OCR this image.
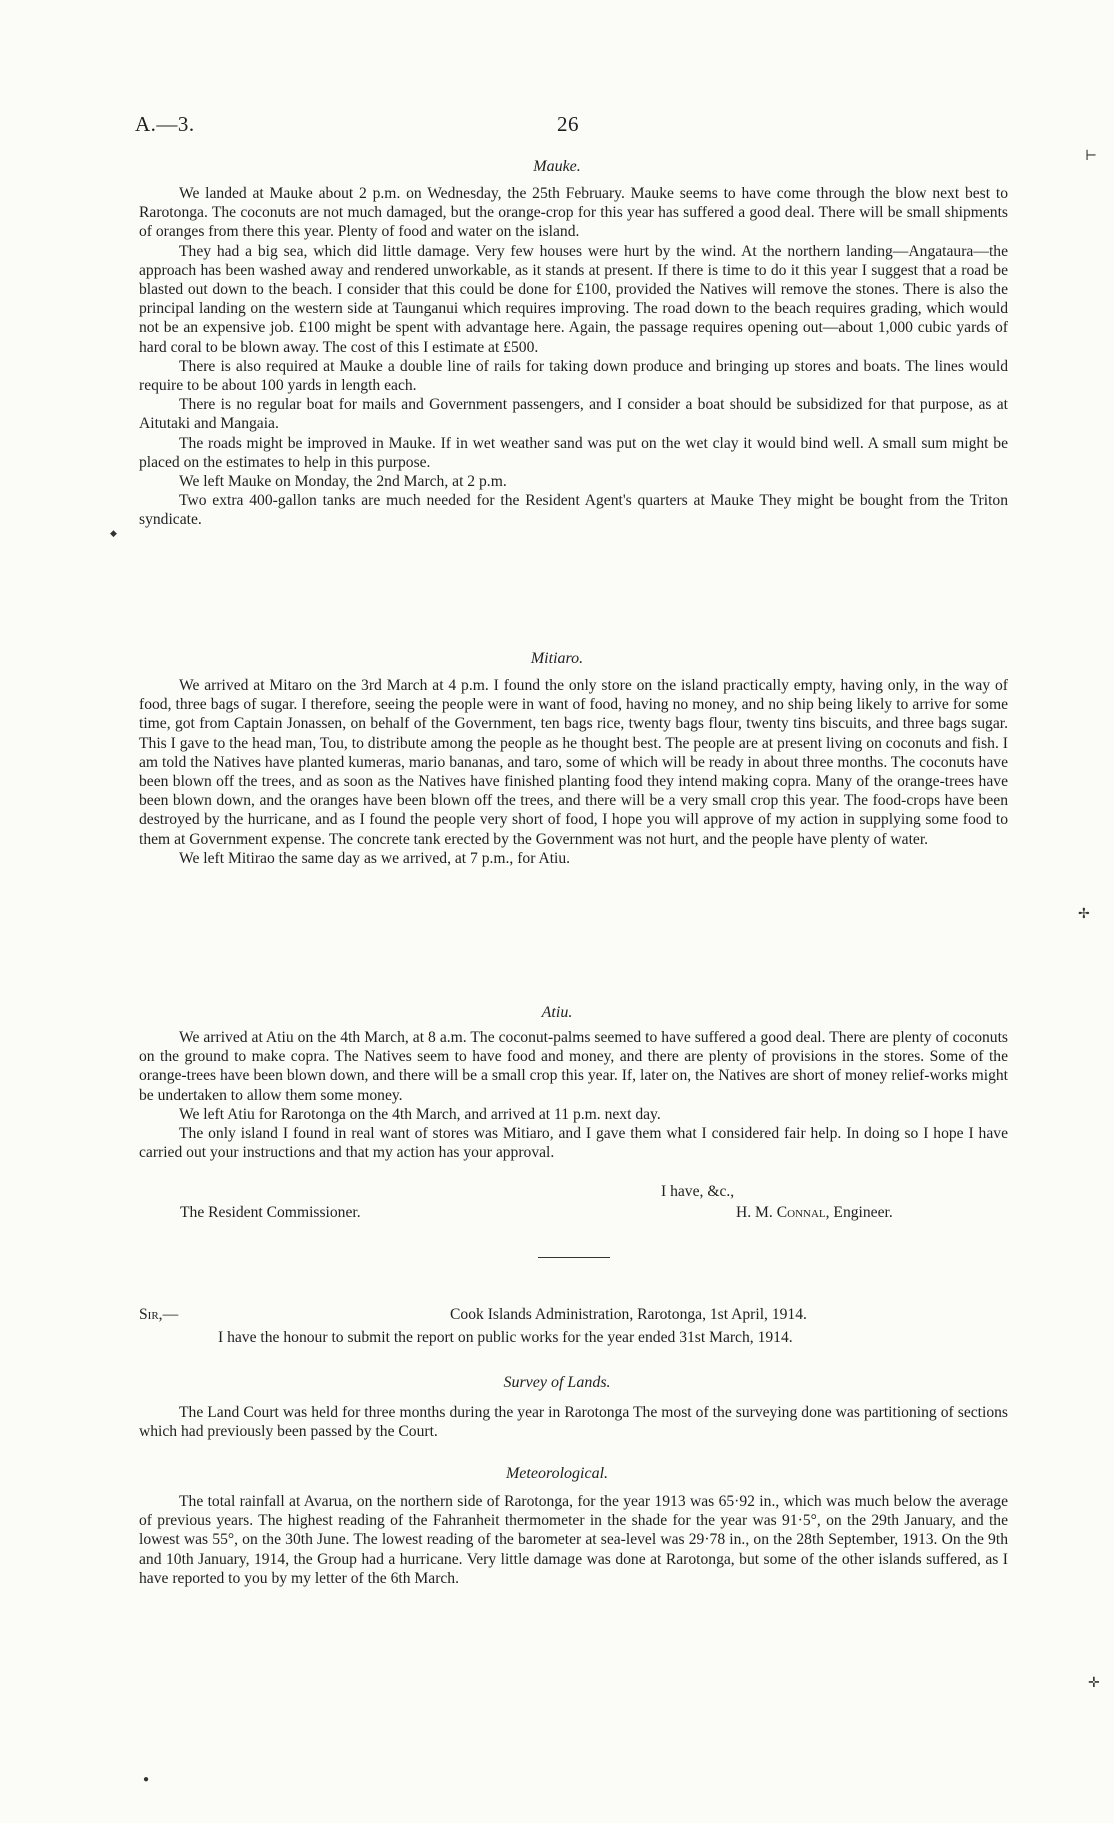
A.—3.	26
Mauke.

We landed at Mauke about 2 p.m. on Wednesday, the 25th February. Mauke seems to have come through the blow next best to Rarotonga. The coconuts are not much damaged, but the orange-crop for this year has suffered a good deal. There will be small shipments of oranges from there this year. Plenty of food and water on the island.

They had a big sea, which did little damage. Very few houses were hurt by the wind. At the northern landing—Angataura—the approach has been washed away and rendered unworkable, as it stands at present. If there is time to do it this year I suggest that a road be blasted out down to the beach. I consider that this could be done for £100, provided the Natives will remove the stones. There is also the principal landing on the western side at Taunganui which requires improving. The road down to the beach requires grading, which would not be an expensive job. £100 might be spent with advantage here. Again, the passage requires opening out—about 1,000 cubic yards of hard coral to be blown away. The cost of this I estimate at £500.

There is also required at Mauke a double line of rails for taking down produce and bringing up stores and boats. The lines would require to be about 100 yards in length each.

There is no regular boat for mails and Government passengers, and I consider a boat should be subsidized for that purpose, as at Aitutaki and Mangaia.

The roads might be improved in Mauke. If in wet weather sand was put on the wet clay it would bind well. A small sum might be placed on the estimates to help in this purpose.

We left Mauke on Monday, the 2nd March, at 2 p.m.

Two extra 400-gallon tanks are much needed for the Resident Agent's quarters at Mauke They might be bought from the Triton syndicate.

Mitiaro.

We arrived at Mitaro on the 3rd March at 4 p.m. I found the only store on the island practically empty, having only, in the way of food, three bags of sugar. I therefore, seeing the people were in want of food, having no money, and no ship being likely to arrive for some time, got from Captain Jonassen, on behalf of the Government, ten bags rice, twenty bags flour, twenty tins biscuits, and three bags sugar. This I gave to the head man, Tou, to distribute among the people as he thought best. The people are at present living on coconuts and fish. I am told the Natives have planted kumeras, mario bananas, and taro, some of which will be ready in about three months. The coconuts have been blown off the trees, and as soon as the Natives have finished planting food they intend making copra. Many of the orange-trees have been blown down, and the oranges have been blown off the trees, and there will be a very small crop this year. The food-crops have been destroyed by the hurricane, and as I found the people very short of food, I hope you will approve of my action in supplying some food to them at Government expense. The concrete tank erected by the Government was not hurt, and the people have plenty of water.

We left Mitirao the same day as we arrived, at 7 p.m., for Atiu.

Atiu.

We arrived at Atiu on the 4th March, at 8 a.m. The coconut-palms seemed to have suffered a good deal. There are plenty of coconuts on the ground to make copra. The Natives seem to have food and money, and there are plenty of provisions in the stores. Some of the orange-trees have been blown down, and there will be a small crop this year. If, later on, the Natives are short of money relief-works might be undertaken to allow them some money.

We left Atiu for Rarotonga on the 4th March, and arrived at 11 p.m. next day.

The only island I found in real want of stores was Mitiaro, and I gave them what I considered fair help. In doing so I hope I have carried out your instructions and that my action has your approval.

I have, &c.,
The Resident Commissioner.	H. M. Connal, Engineer.
Sir,—	Cook Islands Administration, Rarotonga, 1st April, 1914.

I have the honour to submit the report on public works for the year ended 31st March, 1914.

Survey of Lands.

The Land Court was held for three months during the year in Rarotonga The most of the surveying done was partitioning of sections which had previously been passed by the Court.

Meteorological.

The total rainfall at Avarua, on the northern side of Rarotonga, for the year 1913 was 65·92 in., which was much below the average of previous years. The highest reading of the Fahranheit thermometer in the shade for the year was 91·5°, on the 29th January, and the lowest was 55°, on the 30th June. The lowest reading of the barometer at sea-level was 29·78 in., on the 28th September, 1913. On the 9th and 10th January, 1914, the Group had a hurricane. Very little damage was done at Rarotonga, but some of the other islands suffered, as I have reported to you by my letter of the 6th March.

⊢
✢
✛
●
◆
